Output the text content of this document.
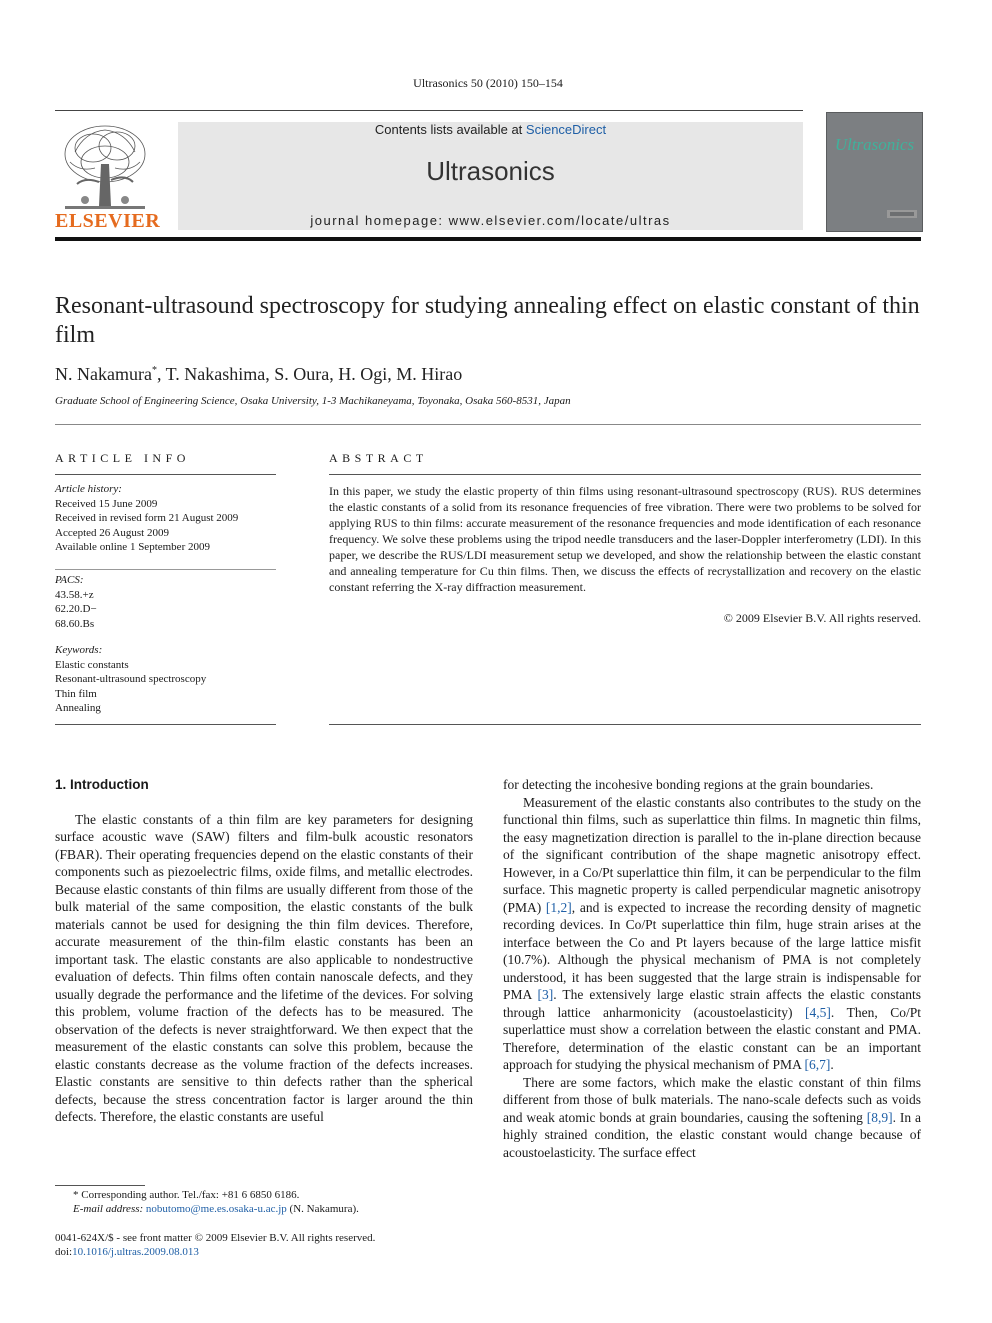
Ultrasonics 50 (2010) 150–154
ELSEVIER
Contents lists available at ScienceDirect
Ultrasonics
journal homepage: www.elsevier.com/locate/ultras
Ultrasonics
Resonant-ultrasound spectroscopy for studying annealing effect on elastic constant of thin film
N. Nakamura*, T. Nakashima, S. Oura, H. Ogi, M. Hirao
Graduate School of Engineering Science, Osaka University, 1-3 Machikaneyama, Toyonaka, Osaka 560-8531, Japan
ARTICLE INFO	ABSTRACT
Article history:
Received 15 June 2009
Received in revised form 21 August 2009
Accepted 26 August 2009
Available online 1 September 2009
PACS:
43.58.+z
62.20.D−
68.60.Bs
Keywords:
Elastic constants
Resonant-ultrasound spectroscopy
Thin film
Annealing
In this paper, we study the elastic property of thin films using resonant-ultrasound spectroscopy (RUS). RUS determines the elastic constants of a solid from its resonance frequencies of free vibration. There were two problems to be solved for applying RUS to thin films: accurate measurement of the resonance frequencies and mode identification of each resonance frequency. We solve these problems using the tripod needle transducers and the laser-Doppler interferometry (LDI). In this paper, we describe the RUS/LDI measurement setup we developed, and show the relationship between the elastic constant and annealing temperature for Cu thin films. Then, we discuss the effects of recrystallization and recovery on the elastic constant referring the X-ray diffraction measurement.
© 2009 Elsevier B.V. All rights reserved.

1. Introduction

The elastic constants of a thin film are key parameters for designing surface acoustic wave (SAW) filters and film-bulk acoustic resonators (FBAR). Their operating frequencies depend on the elastic constants of their components such as piezoelectric films, oxide films, and metallic electrodes. Because elastic constants of thin films are usually different from those of the bulk material of the same composition, the elastic constants of the bulk materials cannot be used for designing the thin film devices. Therefore, accurate measurement of the thin-film elastic constants has been an important task. The elastic constants are also applicable to nondestructive evaluation of defects. Thin films often contain nanoscale defects, and they usually degrade the performance and the lifetime of the devices. For solving this problem, volume fraction of the defects has to be measured. The observation of the defects is never straightforward. We then expect that the measurement of the elastic constants can solve this problem, because the elastic constants decrease as the volume fraction of the defects increases. Elastic constants are sensitive to thin defects rather than the spherical defects, because the stress concentration factor is larger around the thin defects. Therefore, the elastic constants are useful

for detecting the incohesive bonding regions at the grain boundaries.

Measurement of the elastic constants also contributes to the study on the functional thin films, such as superlattice thin films. In magnetic thin films, the easy magnetization direction is parallel to the in-plane direction because of the significant contribution of the shape magnetic anisotropy effect. However, in a Co/Pt superlattice thin film, it can be perpendicular to the film surface. This magnetic property is called perpendicular magnetic anisotropy (PMA) [1,2], and is expected to increase the recording density of magnetic recording devices. In Co/Pt superlattice thin film, huge strain arises at the interface between the Co and Pt layers because of the large lattice misfit (10.7%). Although the physical mechanism of PMA is not completely understood, it has been suggested that the large strain is indispensable for PMA [3]. The extensively large elastic strain affects the elastic constants through lattice anharmonicity (acoustoelasticity) [4,5]. Then, Co/Pt superlattice must show a correlation between the elastic constant and PMA. Therefore, determination of the elastic constant can be an important approach for studying the physical mechanism of PMA [6,7].

There are some factors, which make the elastic constant of thin films different from those of bulk materials. The nano-scale defects such as voids and weak atomic bonds at grain boundaries, causing the softening [8,9]. In a highly strained condition, the elastic constant would change because of acoustoelasticity. The surface effect

* Corresponding author. Tel./fax: +81 6 6850 6186.
E-mail address: nobutomo@me.es.osaka-u.ac.jp (N. Nakamura).
0041-624X/$ - see front matter © 2009 Elsevier B.V. All rights reserved.
doi:10.1016/j.ultras.2009.08.013
